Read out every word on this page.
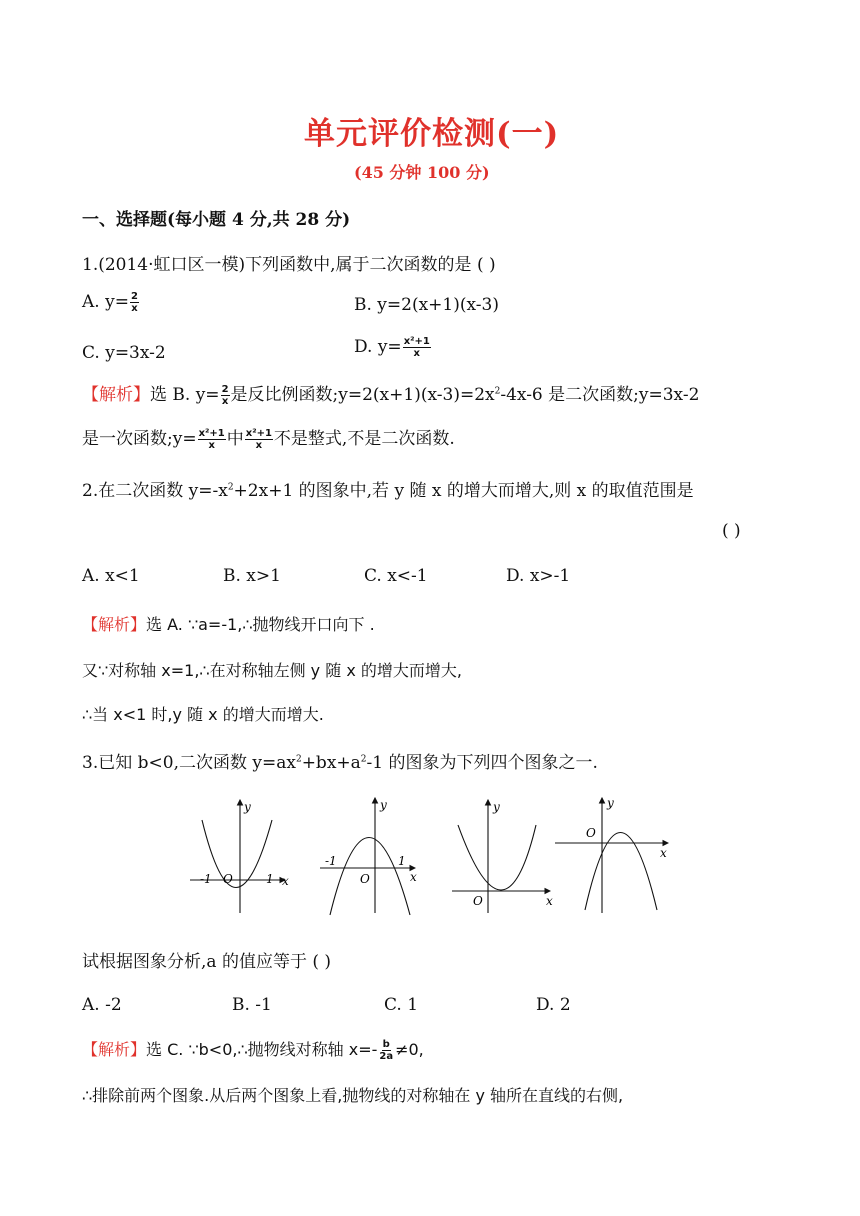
单元评价检测(一)
(45 分钟 100 分)
一、选择题(每小题 4 分,共 28 分)
1.(2014·虹口区一模)下列函数中,属于二次函数的是 ( )
A. $y= \frac{2}{x}$	B. y=2(x+1)(x-3)
C. y=3x-2	D. $y= \frac{\text{x²+1}}{x}$
【解析】选 B. $y= \frac{2}{x}$ 是反比例函数$;y=2(x+1)(x-3)=2x^2-4x-6$ 是二次函数;y=3x-2
是一次函数;y= $\frac{\text{x²+1}}{x}$ 中 $\frac{\text{x²+1}}{x}$ 不是整式,不是二次函数.
2.在二次函数 $y=-x^2+2x+1$ 的图象中,若 y 随 x 的增大而增大,则 x 的取值范围是
( )
A. x<1	B. x>1	C. x<-1	D. x>-1
【解析】选 A. ∵a=-1,∴抛物线开口向下 .
又∵对称轴 x=1,∴在对称轴左侧 y 随 x 的增大而增大,
∴当 x<1 时,y 随 x 的增大而增大.
3.已知 b<0,二次函数 $y=ax^2+bx+a^2-1$ 的图象为下列四个图象之一.
y
x
-1 O	1
y
x
-1
O
1
y
x
O
y
x
O
试根据图象分析,a 的值应等于 ( )
A. -2	B. -1	C. 1	D. 2
【解析】选 C. ∵b<0,∴抛物线对称轴 $x=- \frac{b}{2a} \ne 0$,
∴排除前两个图象.从后两个图象上看,抛物线的对称轴在 y 轴所在直线的右侧,
